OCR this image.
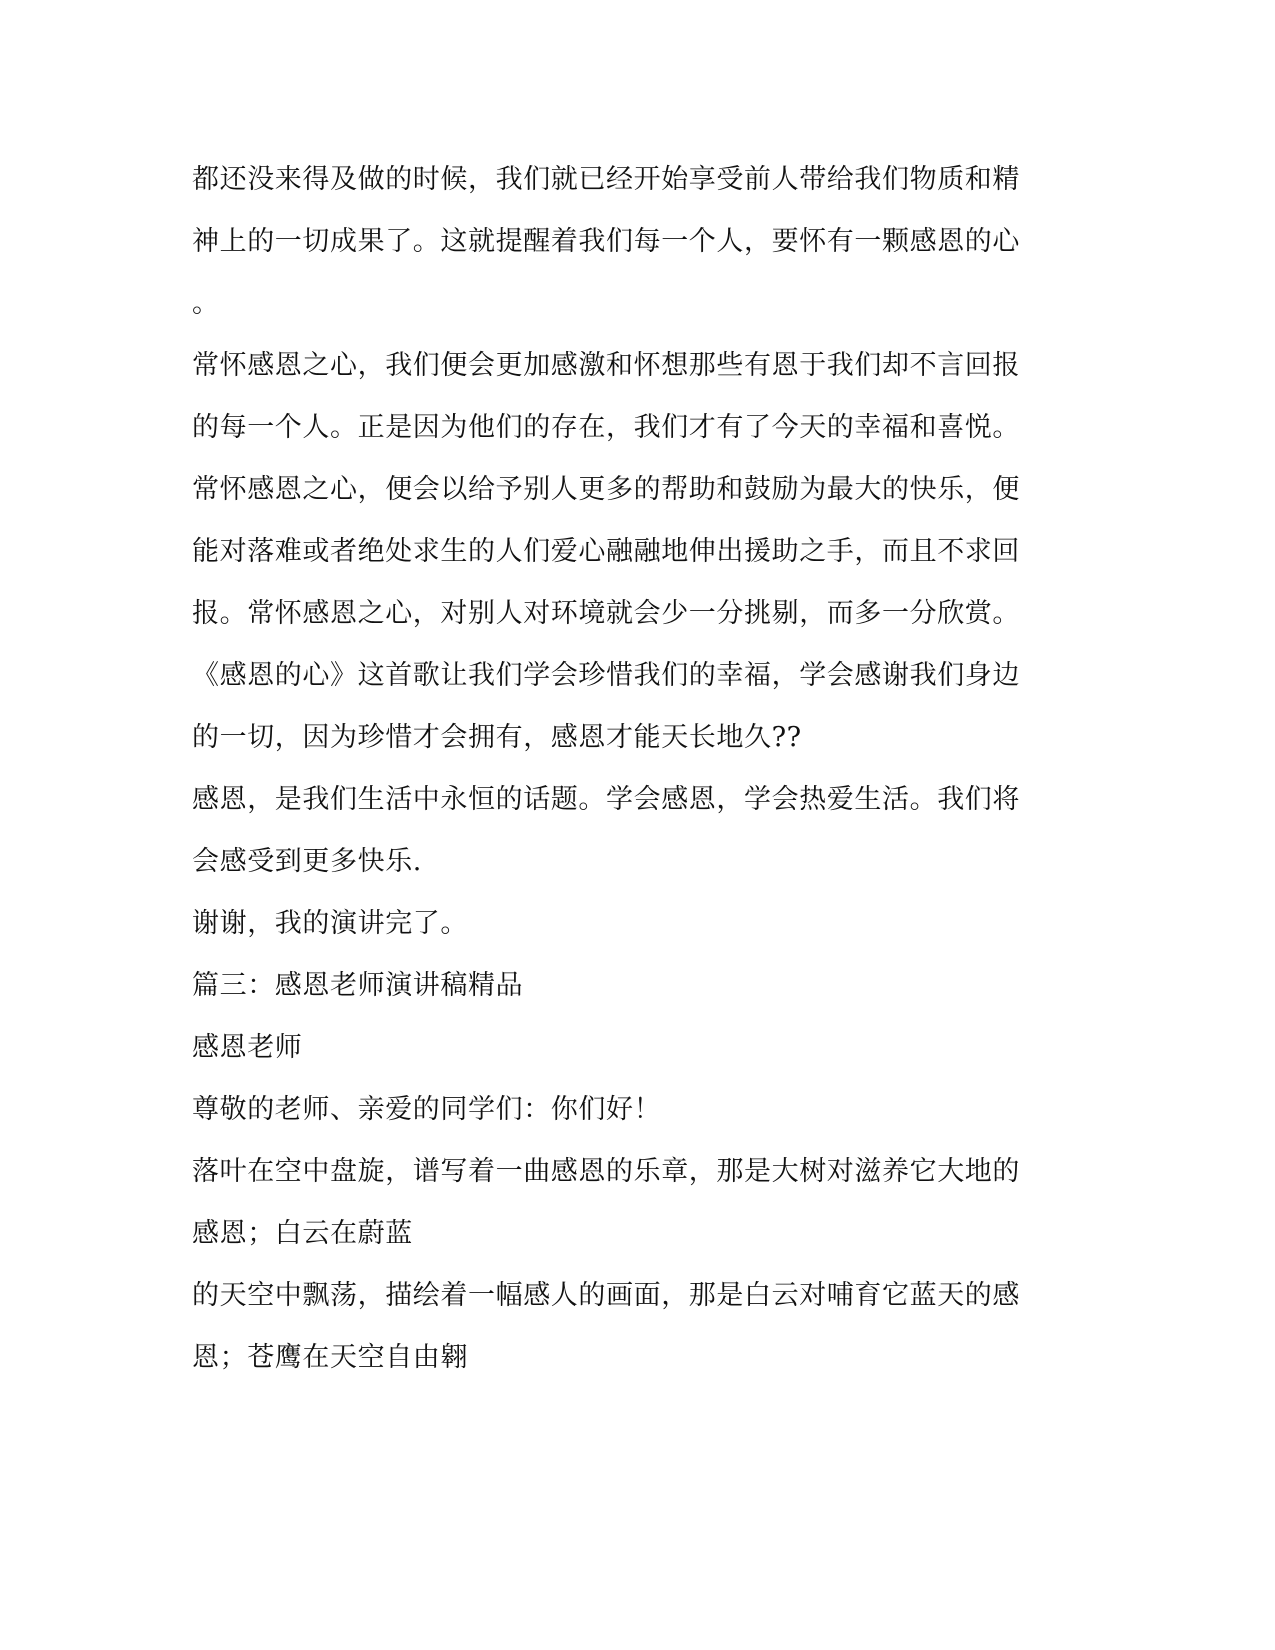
都还没来得及做的时候，我们就已经开始享受前人带给我们物质和精
神上的一切成果了。这就提醒着我们每一个人，要怀有一颗感恩的心
。
常怀感恩之心，我们便会更加感激和怀想那些有恩于我们却不言回报
的每一个人。正是因为他们的存在，我们才有了今天的幸福和喜悦。
常怀感恩之心，便会以给予别人更多的帮助和鼓励为最大的快乐，便
能对落难或者绝处求生的人们爱心融融地伸出援助之手，而且不求回
报。常怀感恩之心，对别人对环境就会少一分挑剔，而多一分欣赏。
《感恩的心》这首歌让我们学会珍惜我们的幸福，学会感谢我们身边
的一切，因为珍惜才会拥有，感恩才能天长地久??
感恩，是我们生活中永恒的话题。学会感恩，学会热爱生活。我们将
会感受到更多快乐.
谢谢，我的演讲完了。
篇三：感恩老师演讲稿精品
感恩老师
尊敬的老师、亲爱的同学们：你们好！
落叶在空中盘旋，谱写着一曲感恩的乐章，那是大树对滋养它大地的
感恩；白云在蔚蓝
的天空中飘荡，描绘着一幅感人的画面，那是白云对哺育它蓝天的感
恩；苍鹰在天空自由翱
